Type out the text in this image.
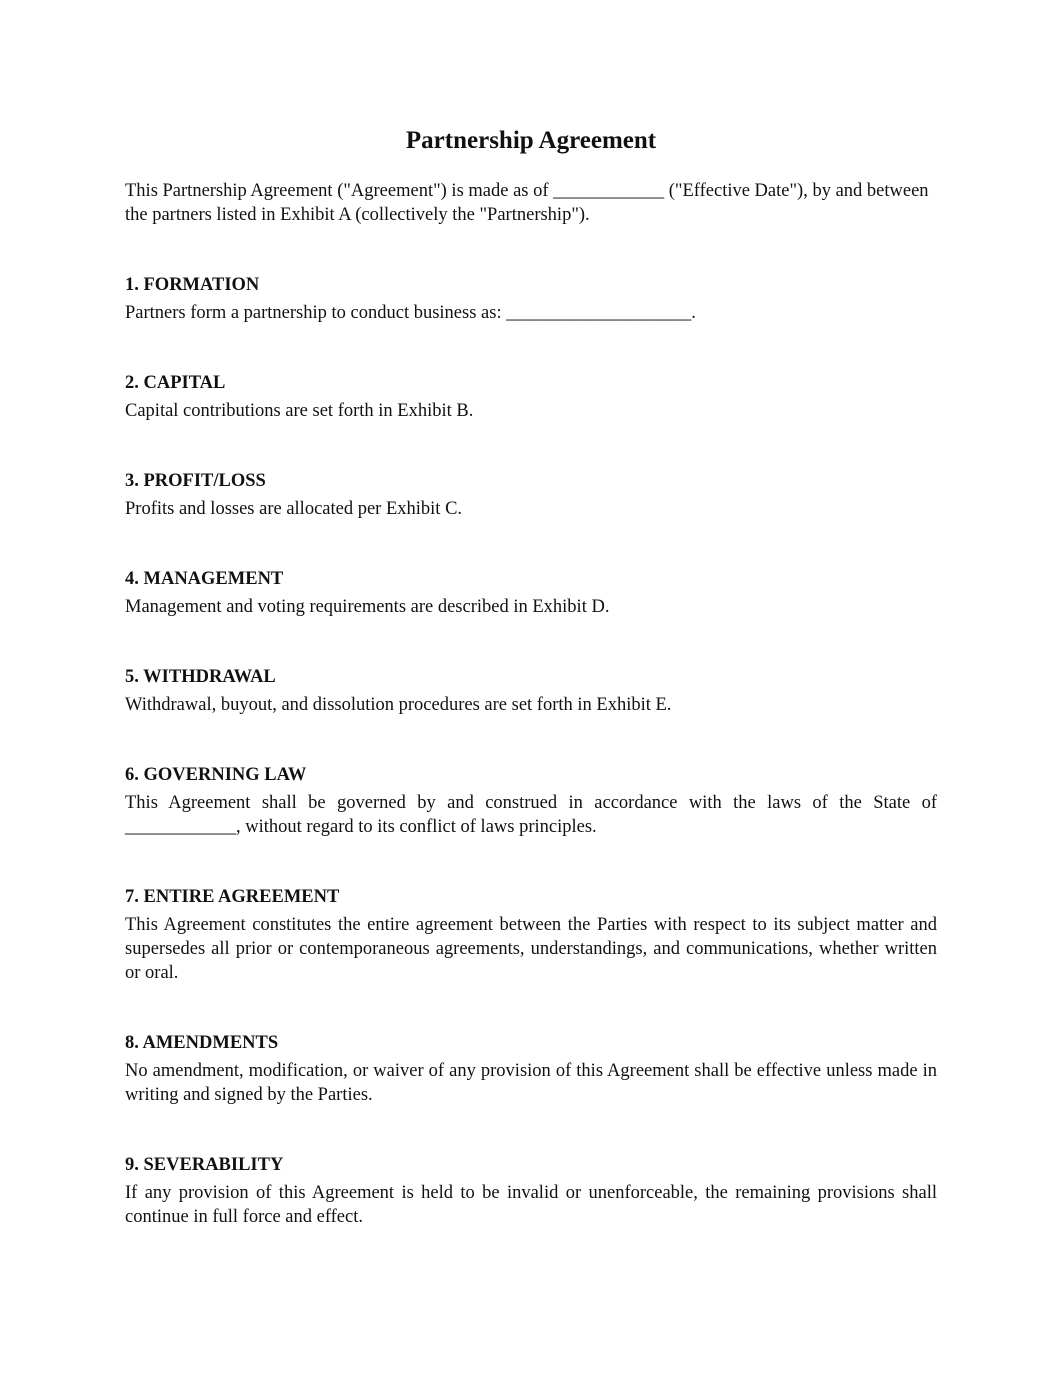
Partnership Agreement

This Partnership Agreement ("Agreement") is made as of ____________ ("Effective Date"), by and between the partners listed in Exhibit A (collectively the "Partnership").

1. FORMATION

Partners form a partnership to conduct business as: ____________________.

2. CAPITAL

Capital contributions are set forth in Exhibit B.

3. PROFIT/LOSS

Profits and losses are allocated per Exhibit C.

4. MANAGEMENT

Management and voting requirements are described in Exhibit D.

5. WITHDRAWAL

Withdrawal, buyout, and dissolution procedures are set forth in Exhibit E.

6. GOVERNING LAW

This Agreement shall be governed by and construed in accordance with the laws of the State of ____________, without regard to its conflict of laws principles.

7. ENTIRE AGREEMENT

This Agreement constitutes the entire agreement between the Parties with respect to its subject matter and supersedes all prior or contemporaneous agreements, understandings, and communications, whether written or oral.

8. AMENDMENTS

No amendment, modification, or waiver of any provision of this Agreement shall be effective unless made in writing and signed by the Parties.

9. SEVERABILITY

If any provision of this Agreement is held to be invalid or unenforceable, the remaining provisions shall continue in full force and effect.
